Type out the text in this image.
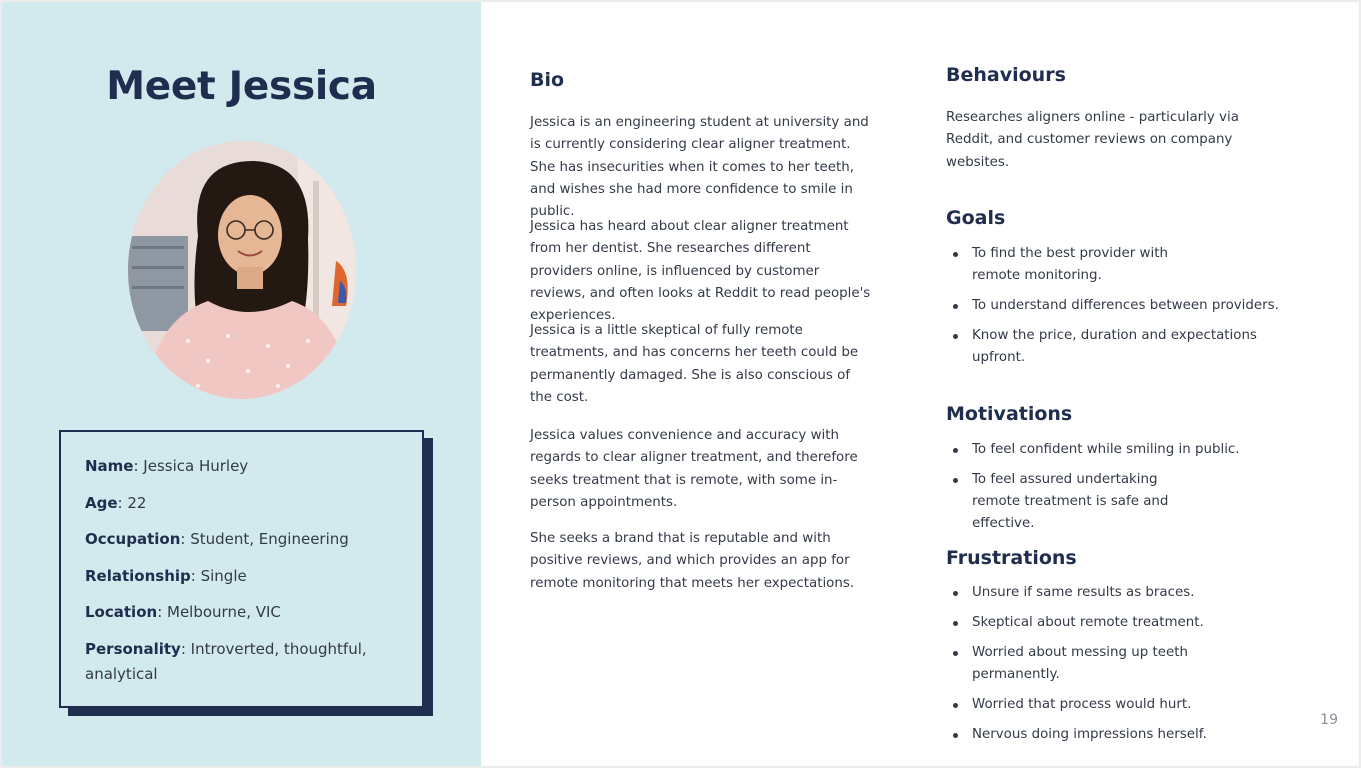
Meet Jessica
Name: Jessica Hurley
Age: 22
Occupation: Student, Engineering
Relationship: Single
Location: Melbourne, VIC
Personality: Introverted, thoughtful, analytical
Bio

Jessica is an engineering student at university and is currently considering clear aligner treatment. She has insecurities when it comes to her teeth, and wishes she had more confidence to smile in public.

Jessica has heard about clear aligner treatment from her dentist. She researches different providers online, is influenced by customer reviews, and often looks at Reddit to read people's experiences.

Jessica is a little skeptical of fully remote treatments, and has concerns her teeth could be permanently damaged. She is also conscious of the cost.

Jessica values convenience and accuracy with regards to clear aligner treatment, and therefore seeks treatment that is remote, with some in-person appointments.

She seeks a brand that is reputable and with positive reviews, and which provides an app for remote monitoring that meets her expectations.

Behaviours

Researches aligners online - particularly via Reddit, and customer reviews on company websites.

Goals
To find the best provider with remote monitoring.
To understand differences between providers.
Know the price, duration and expectations upfront.
Motivations
To feel confident while smiling in public.
To feel assured undertaking remote treatment is safe and effective.
Frustrations
Unsure if same results as braces.
Skeptical about remote treatment.
Worried about messing up teeth permanently.
Worried that process would hurt.
Nervous doing impressions herself.
19
